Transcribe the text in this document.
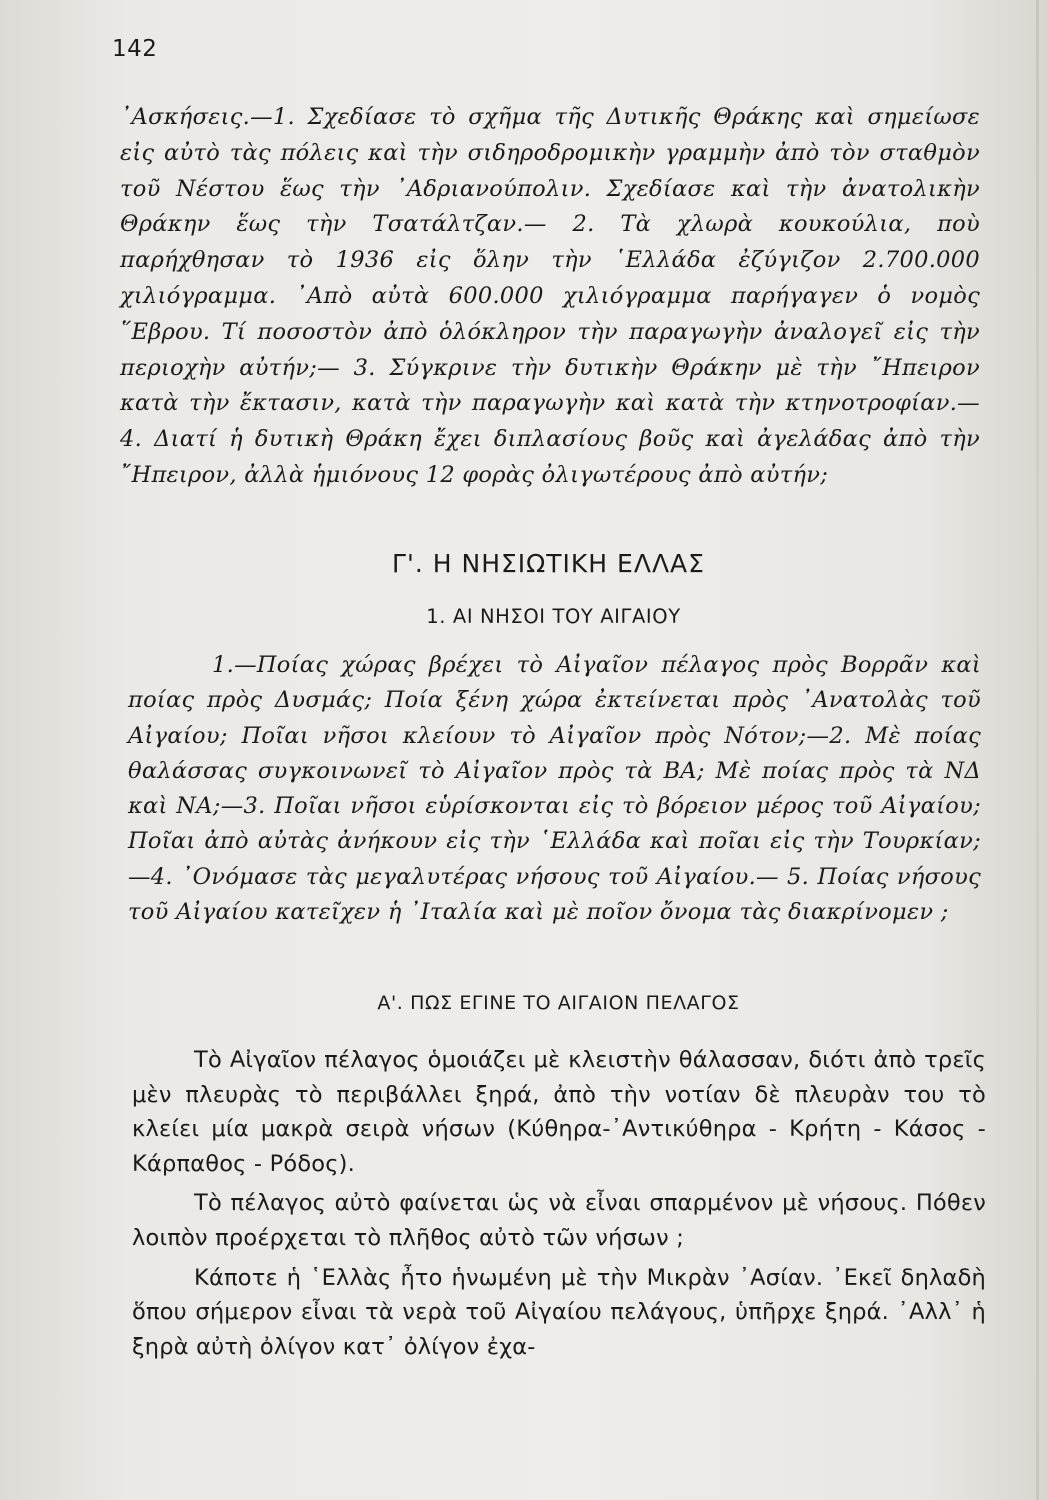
142

᾿Ασκήσεις.—1. Σχεδίασε τὸ σχῆμα τῆς Δυτικῆς Θράκης καὶ σημείωσε εἰς αὐτὸ τὰς πόλεις καὶ τὴν σιδηροδρομικὴν γραμμὴν ἀπὸ τὸν σταθμὸν τοῦ Νέστου ἕως τὴν ᾿Αδριανούπολιν. Σχεδίασε καὶ τὴν ἀνατολικὴν Θράκην ἕως τὴν Τσατάλτζαν.— 2. Τὰ χλωρὰ κουκούλια, ποὺ παρήχθησαν τὸ 1936 εἰς ὅλην τὴν ῾Ελλάδα ἐζύγιζον 2.700.000 χιλιόγραμμα. ᾿Απὸ αὐτὰ 600.000 χιλιόγραμμα παρήγαγεν ὁ νομὸς ῞Εβρου. Τί ποσοστὸν ἀπὸ ὁλόκληρον τὴν παραγωγὴν ἀναλογεῖ εἰς τὴν περιοχὴν αὐτήν;— 3. Σύγκρινε τὴν δυτικὴν Θράκην μὲ τὴν ῎Ηπειρον κατὰ τὴν ἔκτασιν, κατὰ τὴν παραγωγὴν καὶ κατὰ τὴν κτηνοτροφίαν.— 4. Διατί ἡ δυτικὴ Θράκη ἔχει διπλασίους βοῦς καὶ ἀγελάδας ἀπὸ τὴν ῎Ηπειρον, ἀλλὰ ἡμιόνους 12 φορὰς ὀλιγωτέρους ἀπὸ αὐτήν;

Γ'. Η ΝΗΣΙΩΤΙΚΗ ΕΛΛΑΣ
1. ΑΙ ΝΗΣΟΙ ΤΟΥ ΑΙΓΑΙΟΥ

1.—Ποίας χώρας βρέχει τὸ Αἰγαῖον πέλαγος πρὸς Βορρᾶν καὶ ποίας πρὸς Δυσμάς; Ποία ξένη χώρα ἐκτείνεται πρὸς ᾿Ανατολὰς τοῦ Αἰγαίου; Ποῖαι νῆσοι κλείουν τὸ Αἰγαῖον πρὸς Νότον;—2. Μὲ ποίας θαλάσσας συγκοινωνεῖ τὸ Αἰγαῖον πρὸς τὰ ΒΑ; Μὲ ποίας πρὸς τὰ ΝΔ καὶ ΝΑ;—3. Ποῖαι νῆσοι εὑρίσκονται εἰς τὸ βόρειον μέρος τοῦ Αἰγαίου; Ποῖαι ἀπὸ αὐτὰς ἀνήκουν εἰς τὴν ῾Ελλάδα καὶ ποῖαι εἰς τὴν Τουρκίαν;—4. ᾿Ονόμασε τὰς μεγαλυτέρας νήσους τοῦ Αἰγαίου.— 5. Ποίας νήσους τοῦ Αἰγαίου κατεῖχεν ἡ ᾿Ιταλία καὶ μὲ ποῖον ὄνομα τὰς διακρίνομεν ;

Α'. ΠΩΣ ΕΓΙΝΕ ΤΟ ΑΙΓΑΙΟΝ ΠΕΛΑΓΟΣ

Τὸ Αἰγαῖον πέλαγος ὁμοιάζει μὲ κλειστὴν θάλασσαν, διότι ἀπὸ τρεῖς μὲν πλευρὰς τὸ περιβάλλει ξηρά, ἀπὸ τὴν νοτίαν δὲ πλευρὰν του τὸ κλείει μία μακρὰ σειρὰ νήσων (Κύθηρα-᾿Αντικύθηρα - Κρήτη - Κάσος - Κάρπαθος - Ρόδος).

Τὸ πέλαγος αὐτὸ φαίνεται ὡς νὰ εἶναι σπαρμένον μὲ νήσους. Πόθεν λοιπὸν προέρχεται τὸ πλῆθος αὐτὸ τῶν νήσων ;

Κάποτε ἡ ῾Ελλὰς ἦτο ἡνωμένη μὲ τὴν Μικρὰν ᾿Ασίαν. ᾿Εκεῖ δηλαδὴ ὅπου σήμερον εἶναι τὰ νερὰ τοῦ Αἰγαίου πελάγους, ὑπῆρχε ξηρά. ᾿Αλλ᾿ ἡ ξηρὰ αὐτὴ ὀλίγον κατ᾿ ὀλίγον ἐχα-
